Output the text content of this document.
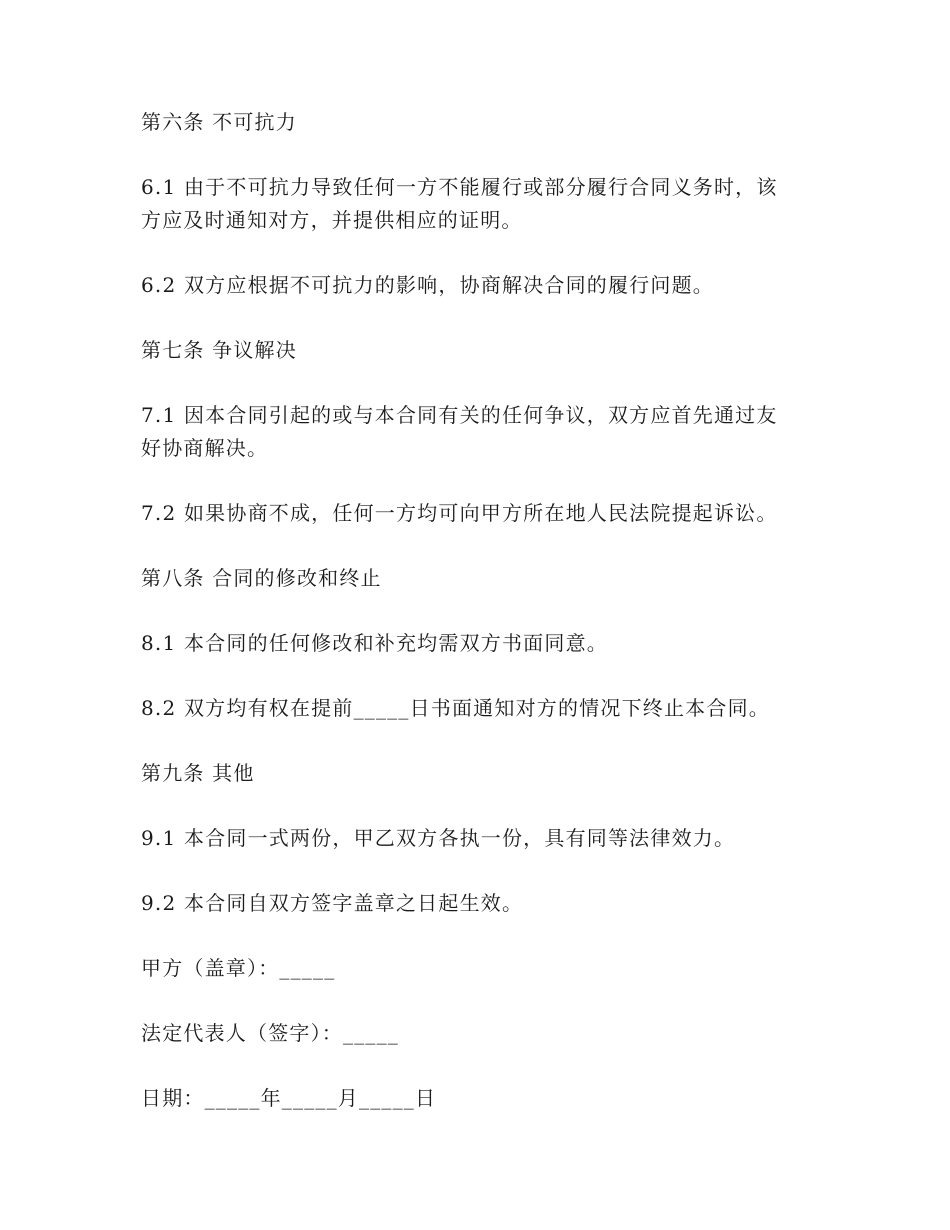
第六条 不可抗力

6.1 由于不可抗力导致任何一方不能履行或部分履行合同义务时，该

方应及时通知对方，并提供相应的证明。

6.2 双方应根据不可抗力的影响，协商解决合同的履行问题。

第七条 争议解决

7.1 因本合同引起的或与本合同有关的任何争议，双方应首先通过友

好协商解决。

7.2 如果协商不成，任何一方均可向甲方所在地人民法院提起诉讼。

第八条 合同的修改和终止

8.1 本合同的任何修改和补充均需双方书面同意。

8.2 双方均有权在提前_____日书面通知对方的情况下终止本合同。

第九条 其他

9.1 本合同一式两份，甲乙双方各执一份，具有同等法律效力。

9.2 本合同自双方签字盖章之日起生效。

甲方（盖章）：_____

法定代表人（签字）：_____

日期：_____年_____月_____日
